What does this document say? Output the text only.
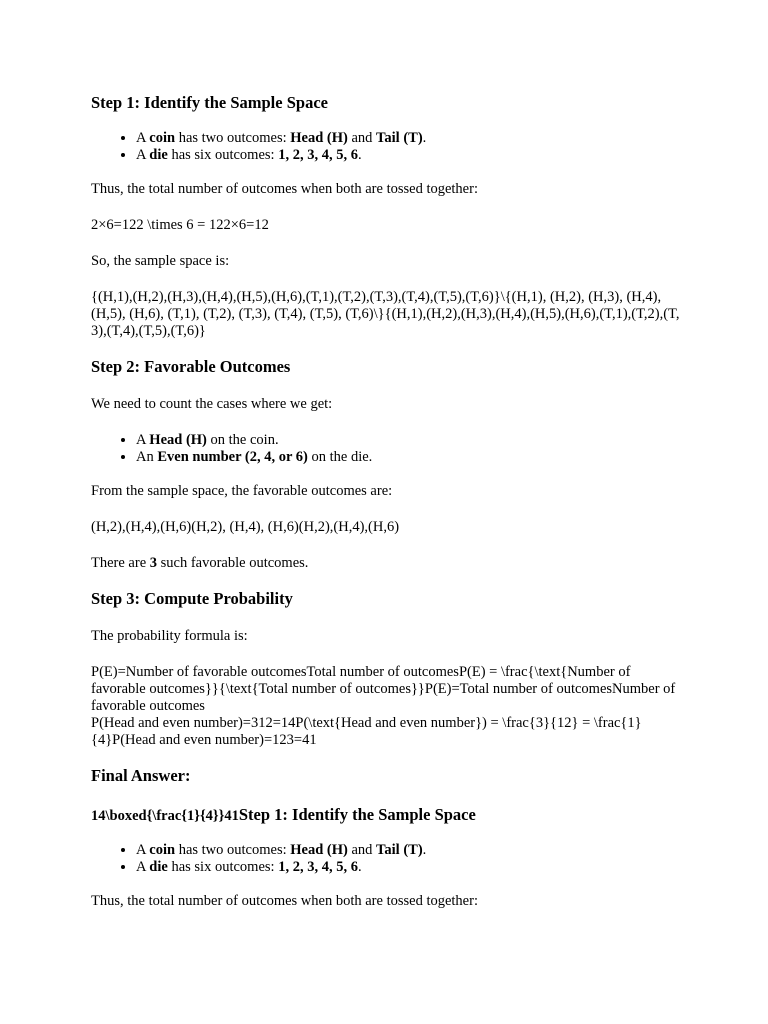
Step 1: Identify the Sample Space
• A coin has two outcomes: Head (H) and Tail (T).
• A die has six outcomes: 1, 2, 3, 4, 5, 6.

Thus, the total number of outcomes when both are tossed together:

2×6=122 \times 6 = 122×6=12

So, the sample space is:

{(H,1),(H,2),(H,3),(H,4),(H,5),(H,6),(T,1),(T,2),(T,3),(T,4),(T,5),(T,6)}\{(H,1), (H,2), (H,3), (H,4), (H,5), (H,6), (T,1), (T,2), (T,3), (T,4), (T,5), (T,6)\}{(H,1),(H,2),(H,3),(H,4),(H,5),(H,6),(T,1),(T,2),(T,3),(T,4),(T,5),(T,6)}

Step 2: Favorable Outcomes

We need to count the cases where we get:

• A Head (H) on the coin.
• An Even number (2, 4, or 6) on the die.

From the sample space, the favorable outcomes are:

(H,2),(H,4),(H,6)(H,2), (H,4), (H,6)(H,2),(H,4),(H,6)

There are 3 such favorable outcomes.

Step 3: Compute Probability

The probability formula is:

P(E)=Number of favorable outcomesTotal number of outcomesP(E) = \frac{\text{Number of favorable outcomes}}{\text{Total number of outcomes}}P(E)=Total number of outcomesNumber of favorable outcomes

P(Head and even number)=312=14P(\text{Head and even number}) = \frac{3}{12} = \frac{1}{4}P(Head and even number)=123=41

Final Answer:
14\boxed{\frac{1}{4}}41Step 1: Identify the Sample Space
• A coin has two outcomes: Head (H) and Tail (T).
• A die has six outcomes: 1, 2, 3, 4, 5, 6.

Thus, the total number of outcomes when both are tossed together:
